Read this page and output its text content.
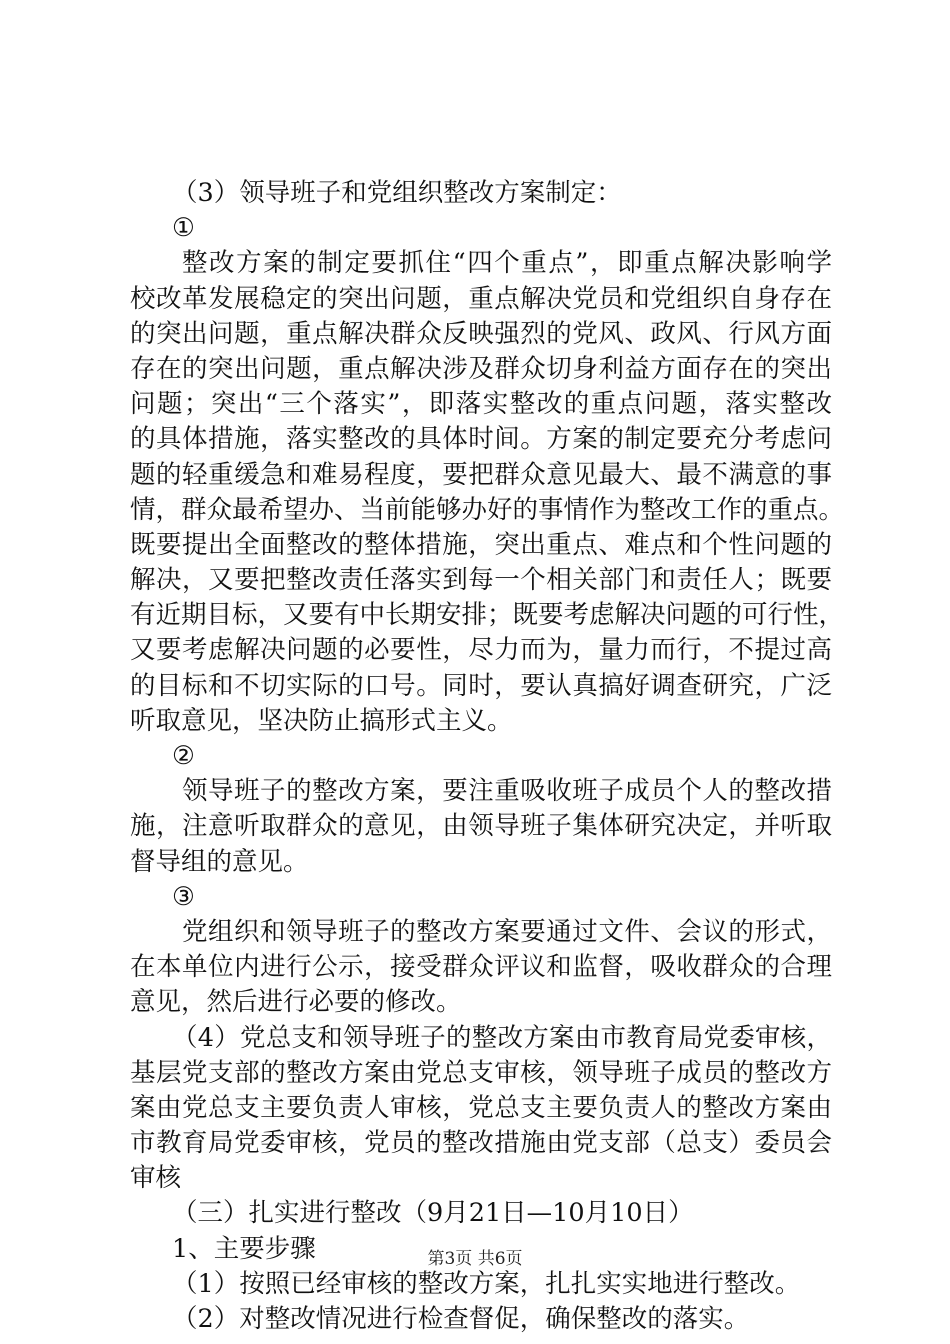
（3）领导班子和党组织整改方案制定：
①
整改方案的制定要抓住“四个重点”，即重点解决影响学
校改革发展稳定的突出问题，重点解决党员和党组织自身存在
的突出问题，重点解决群众反映强烈的党风、政风、行风方面
存在的突出问题，重点解决涉及群众切身利益方面存在的突出
问题；突出“三个落实”，即落实整改的重点问题，落实整改
的具体措施，落实整改的具体时间。方案的制定要充分考虑问
题的轻重缓急和难易程度，要把群众意见最大、最不满意的事
情，群众最希望办、当前能够办好的事情作为整改工作的重点。
既要提出全面整改的整体措施，突出重点、难点和个性问题的
解决，又要把整改责任落实到每一个相关部门和责任人；既要
有近期目标，又要有中长期安排；既要考虑解决问题的可行性，
又要考虑解决问题的必要性，尽力而为，量力而行，不提过高
的目标和不切实际的口号。同时，要认真搞好调查研究，广泛
听取意见，坚决防止搞形式主义。
②
领导班子的整改方案，要注重吸收班子成员个人的整改措
施，注意听取群众的意见，由领导班子集体研究决定，并听取
督导组的意见。
③
党组织和领导班子的整改方案要通过文件、会议的形式，
在本单位内进行公示，接受群众评议和监督，吸收群众的合理
意见，然后进行必要的修改。
（4）党总支和领导班子的整改方案由市教育局党委审核，
基层党支部的整改方案由党总支审核，领导班子成员的整改方
案由党总支主要负责人审核，党总支主要负责人的整改方案由
市教育局党委审核，党员的整改措施由党支部（总支）委员会
审核
（三）扎实进行整改（9月21日—10月10日）
1、主要步骤
（1）按照已经审核的整改方案，扎扎实实地进行整改。
（2）对整改情况进行检查督促，确保整改的落实。
第3页 共6页
